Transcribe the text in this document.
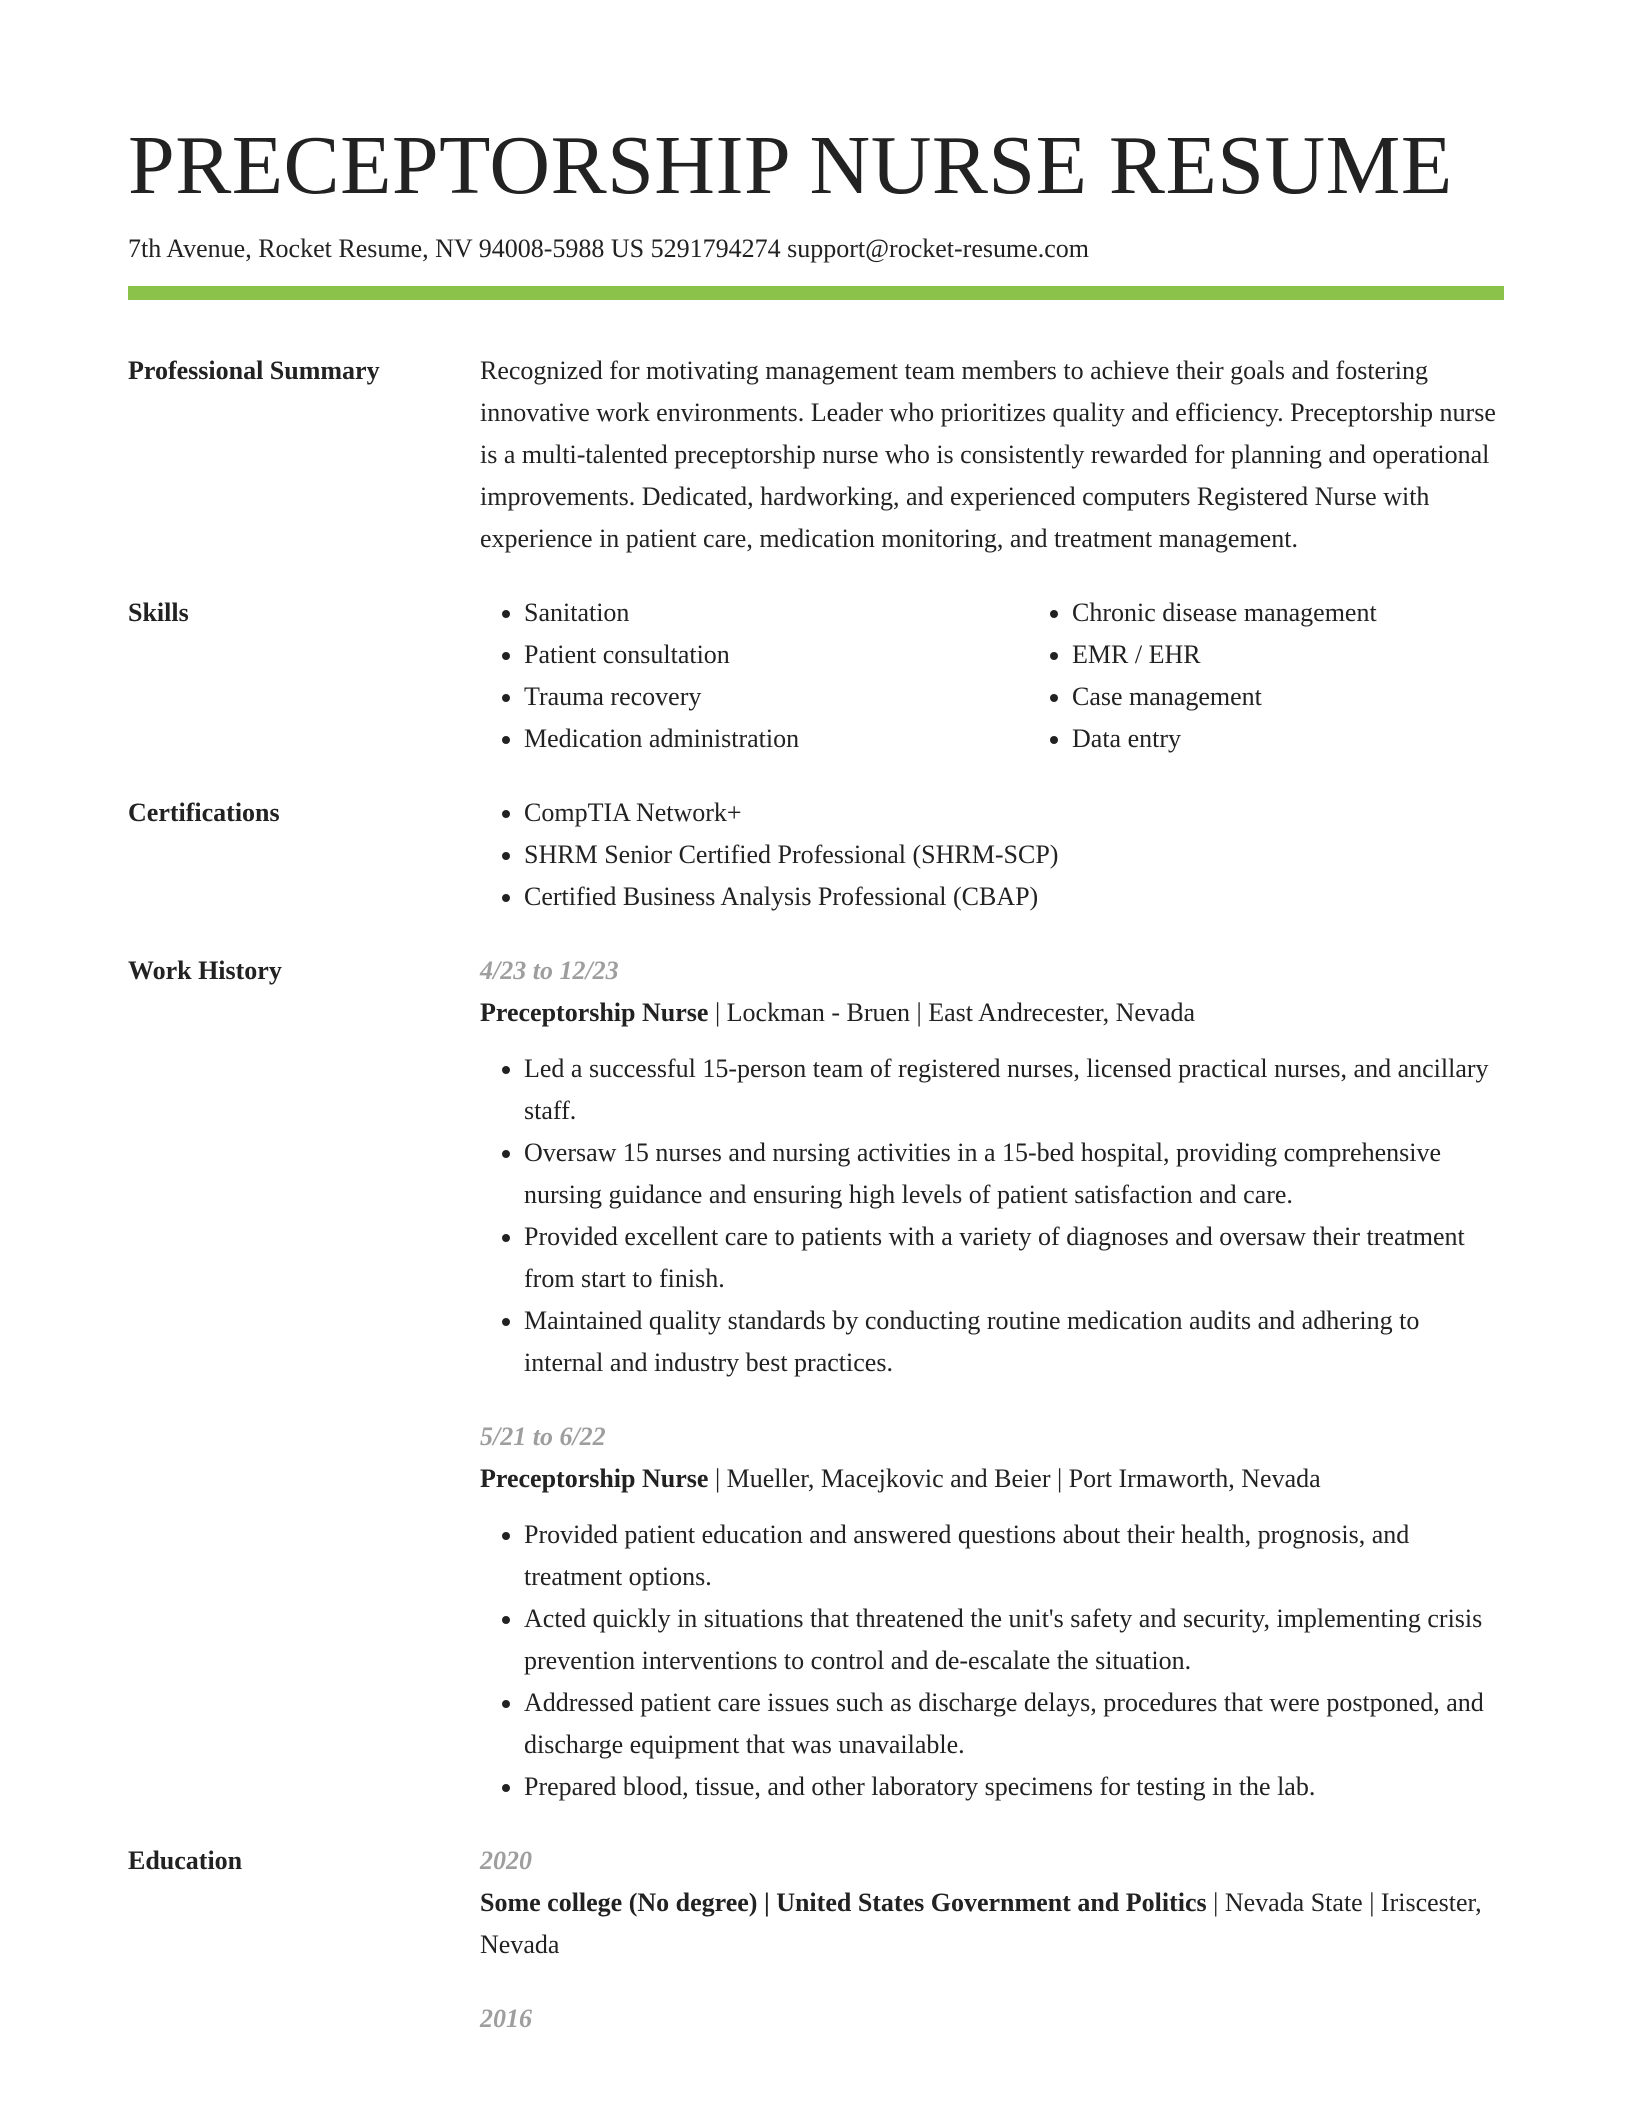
PRECEPTORSHIP NURSE RESUME
7th Avenue, Rocket Resume, NV 94008-5988 US 5291794274 support@rocket-resume.com
Professional Summary	Recognized for motivating management team members to achieve their goals and fostering innovative work environments. Leader who prioritizes quality and efficiency. Preceptorship nurse is a multi-talented preceptorship nurse who is consistently rewarded for planning and operational improvements. Dedicated, hardworking, and experienced computers Registered Nurse with experience in patient care, medication monitoring, and treatment management.
Skills	• Sanitation
• Patient consultation
• Trauma recovery
• Medication administration
• Chronic disease management
• EMR / EHR
• Case management
• Data entry
Certifications	• CompTIA Network+
• SHRM Senior Certified Professional (SHRM-SCP)
• Certified Business Analysis Professional (CBAP)
Work History	4/23 to 12/23
Preceptorship Nurse | Lockman - Bruen | East Andrecester, Nevada
• Led a successful 15-person team of registered nurses, licensed practical nurses, and ancillary staff.
• Oversaw 15 nurses and nursing activities in a 15-bed hospital, providing comprehensive nursing guidance and ensuring high levels of patient satisfaction and care.
• Provided excellent care to patients with a variety of diagnoses and oversaw their treatment from start to finish.
• Maintained quality standards by conducting routine medication audits and adhering to internal and industry best practices.
5/21 to 6/22
Preceptorship Nurse | Mueller, Macejkovic and Beier | Port Irmaworth, Nevada
• Provided patient education and answered questions about their health, prognosis, and treatment options.
• Acted quickly in situations that threatened the unit's safety and security, implementing crisis prevention interventions to control and de-escalate the situation.
• Addressed patient care issues such as discharge delays, procedures that were postponed, and discharge equipment that was unavailable.
• Prepared blood, tissue, and other laboratory specimens for testing in the lab.
Education	2020
Some college (No degree) | United States Government and Politics | Nevada State | Iriscester, Nevada
2016
